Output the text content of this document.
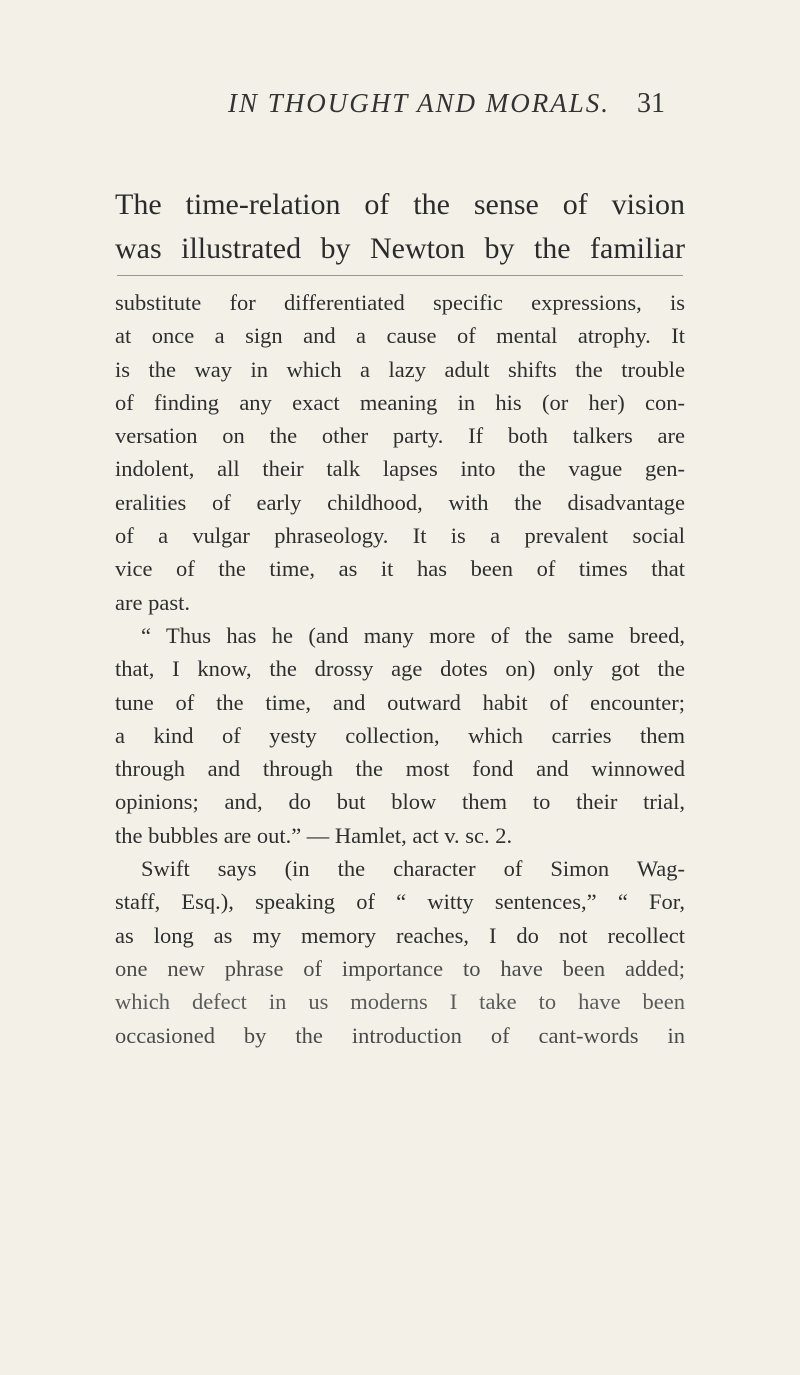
IN THOUGHT AND MORALS. 31
The time-relation of the sense of vision
was illustrated by Newton by the familiar
substitute for differentiated specific expressions, is
at once a sign and a cause of mental atrophy. It
is the way in which a lazy adult shifts the trouble
of finding any exact meaning in his (or her) con-
versation on the other party. If both talkers are
indolent, all their talk lapses into the vague gen-
eralities of early childhood, with the disadvantage
of a vulgar phraseology. It is a prevalent social
vice of the time, as it has been of times that
are past.
“ Thus has he (and many more of the same breed,
that, I know, the drossy age dotes on) only got the
tune of the time, and outward habit of encounter;
a kind of yesty collection, which carries them
through and through the most fond and winnowed
opinions; and, do but blow them to their trial,
the bubbles are out.” — Hamlet, act v. sc. 2.
Swift says (in the character of Simon Wag-
staff, Esq.), speaking of “ witty sentences,” “ For,
as long as my memory reaches, I do not recollect
one new phrase of importance to have been added;
which defect in us moderns I take to have been
occasioned by the introduction of cant-words in
